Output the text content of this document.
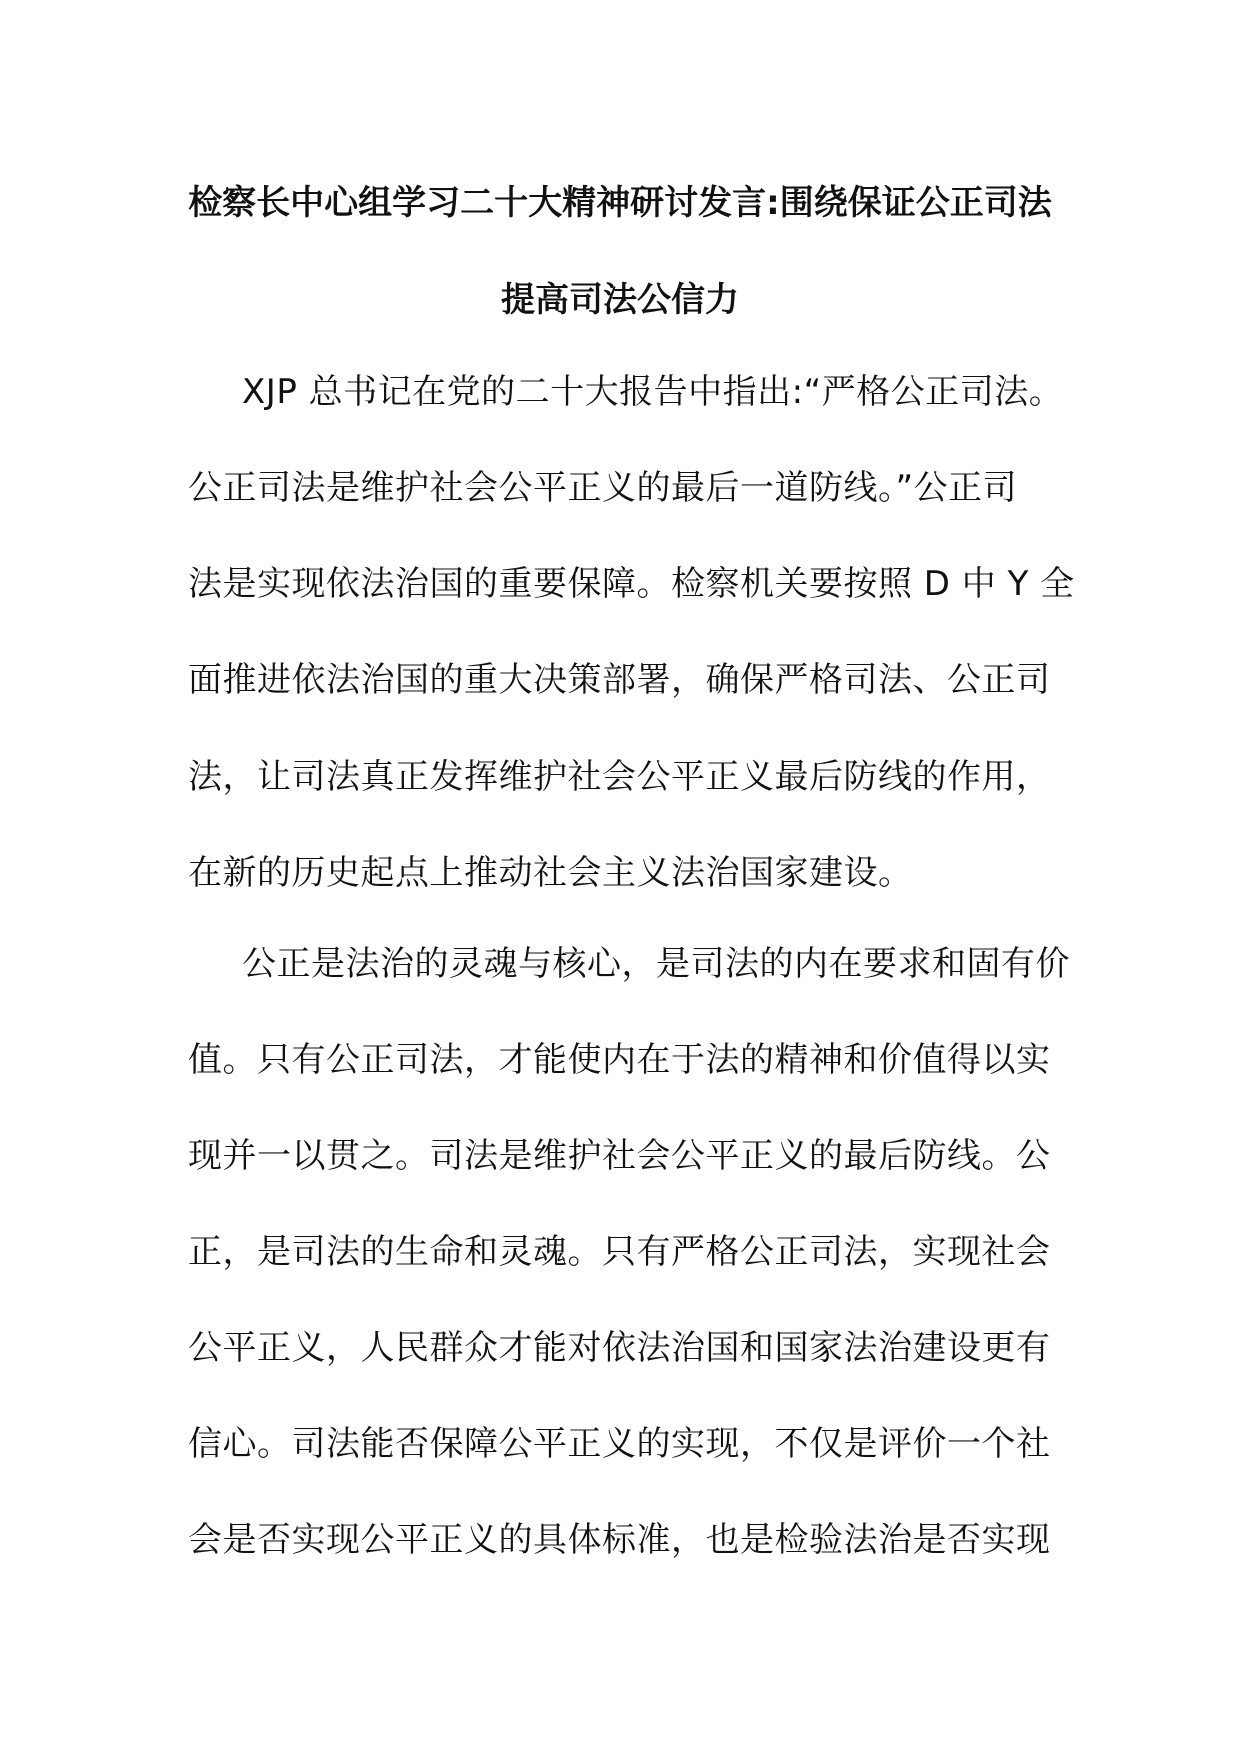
检察长中心组学习二十大精神研讨发言:围绕保证公正司法
提高司法公信力
XJP 总书记在党的二十大报告中指出:“严格公正司法。
公正司法是维护社会公平正义的最后一道防线。”公正司
法是实现依法治国的重要保障。检察机关要按照 D 中 Y 全
面推进依法治国的重大决策部署，确保严格司法、公正司
法，让司法真正发挥维护社会公平正义最后防线的作用，
在新的历史起点上推动社会主义法治国家建设。
公正是法治的灵魂与核心，是司法的内在要求和固有价
值。只有公正司法，才能使内在于法的精神和价值得以实
现并一以贯之。司法是维护社会公平正义的最后防线。公
正，是司法的生命和灵魂。只有严格公正司法，实现社会
公平正义，人民群众才能对依法治国和国家法治建设更有
信心。司法能否保障公平正义的实现，不仅是评价一个社
会是否实现公平正义的具体标准，也是检验法治是否实现
